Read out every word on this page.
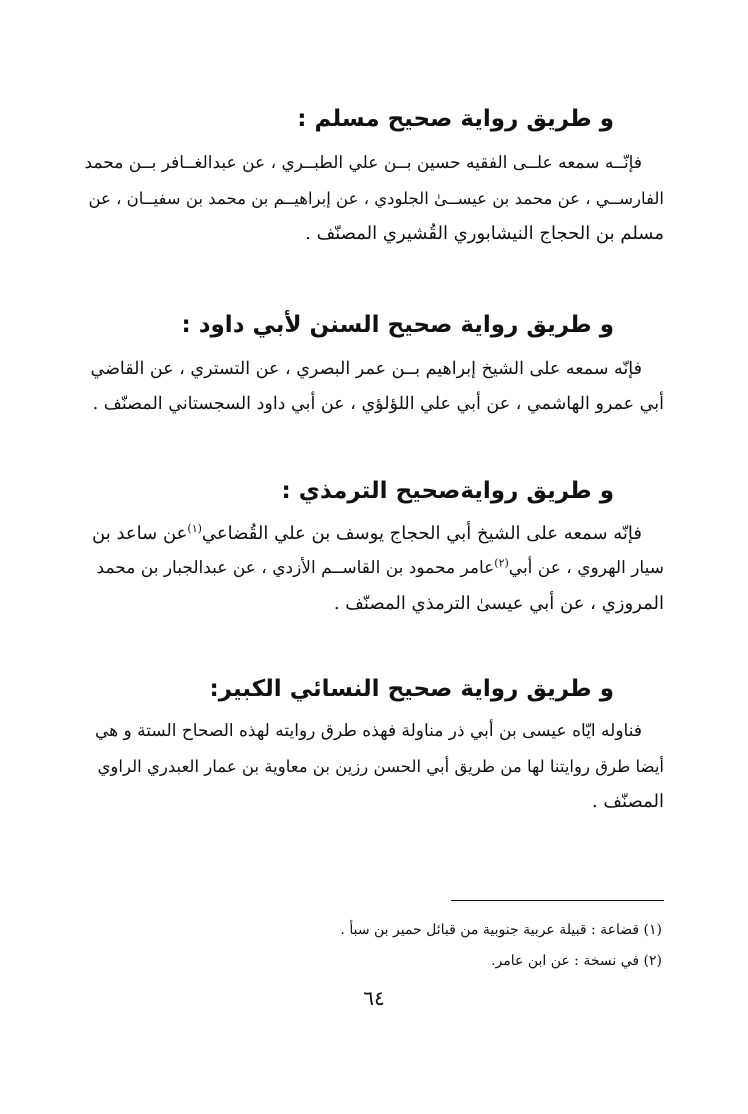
و طريق رواية صحيح مسلم :

فإنّــه سمعه علــى الفقيه حسين بــن علي الطبــري ، عن عبدالغــافر بــن محمد
الفارســي ، عن محمد بن عيســىٰ الجلودي ، عن إبراهيــم بن محمد بن سفيــان ، عن
مسلم بن الحجاج النيشابوري القُشيري المصنّف .

و طريق رواية صحيح السنن لأبي داود :

فإنّه سمعه على الشيخ إبراهيم بــن عمر البصري ، عن التستري ، عن القاضي
أبي عمرو الهاشمي ، عن أبي علي اللؤلؤي ، عن أبي داود السجستاني المصنّف .

و طريق روايةصحيح الترمذي :

فإنّه سمعه على الشيخ أبي الحجاج يوسف بن علي القُضاعي$^{(١)}$عن ساعد بن
سيار الهروي ، عن أبي$^{(٢)}$عامر محمود بن القاســم الأزدي ، عن عبدالجبار بن محمد
المروزي ، عن أبي عيسىٰ الترمذي المصنّف .

و طريق رواية صحيح النسائي الكبير:

فناوله ايّاه عيسى بن أبي ذر مناولة فهذه طرق روايته لهذه الصحاح الستة و هي
أيضا طرق روايتنا لها من طريق أبي الحسن رزين بن معاوية بن عمار العبدري الراوي
المصنّف .

(١) قضاعة : قبيلة عربية جنوبية من قبائل حمير بن سبأ .
(٢) في نسخة : عن ابن عامر.
٦٤
